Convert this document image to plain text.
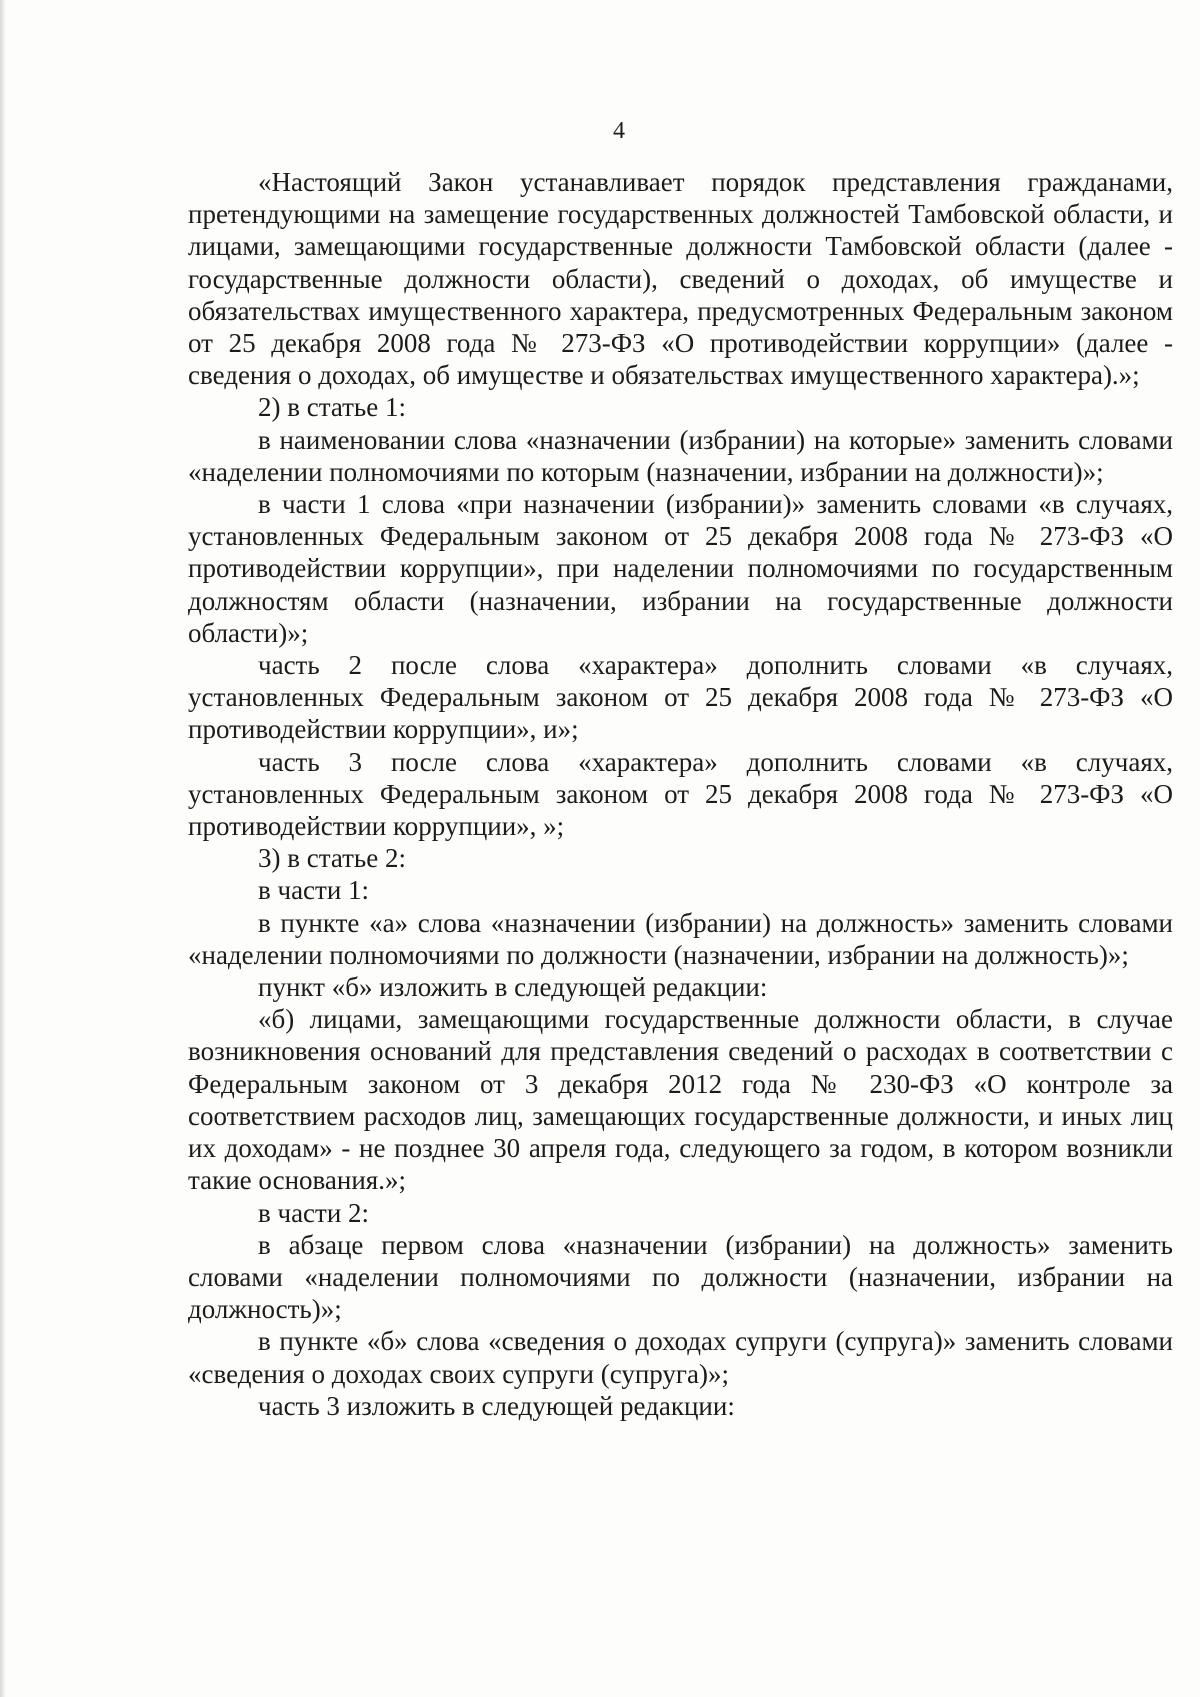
4

«Настоящий Закон устанавливает порядок представления гражданами, претендующими на замещение государственных должностей Тамбовской области, и лицами, замещающими государственные должности Тамбовской области (далее - государственные должности области), сведений о доходах, об имуществе и обязательствах имущественного характера, предусмотренных Федеральным законом от 25 декабря 2008 года № 273-ФЗ «О противодействии коррупции» (далее - сведения о доходах, об имуществе и обязательствах имущественного характера).»;

2) в статье 1:

в наименовании слова «назначении (избрании) на которые» заменить словами «наделении полномочиями по которым (назначении, избрании на должности)»;

в части 1 слова «при назначении (избрании)» заменить словами «в случаях, установленных Федеральным законом от 25 декабря 2008 года № 273-ФЗ «О противодействии коррупции», при наделении полномочиями по государственным должностям области (назначении, избрании на государственные должности области)»;

часть 2 после слова «характера» дополнить словами «в случаях, установленных Федеральным законом от 25 декабря 2008 года № 273-ФЗ «О противодействии коррупции», и»;

часть 3 после слова «характера» дополнить словами «в случаях, установленных Федеральным законом от 25 декабря 2008 года № 273-ФЗ «О противодействии коррупции», »;

3) в статье 2:

в части 1:

в пункте «а» слова «назначении (избрании) на должность» заменить словами «наделении полномочиями по должности (назначении, избрании на должность)»;

пункт «б» изложить в следующей редакции:

«б) лицами, замещающими государственные должности области, в случае возникновения оснований для представления сведений о расходах в соответствии с Федеральным законом от 3 декабря 2012 года № 230-ФЗ «О контроле за соответствием расходов лиц, замещающих государственные должности, и иных лиц их доходам» - не позднее 30 апреля года, следующего за годом, в котором возникли такие основания.»;

в части 2:

в абзаце первом слова «назначении (избрании) на должность» заменить словами «наделении полномочиями по должности (назначении, избрании на должность)»;

в пункте «б» слова «сведения о доходах супруги (супруга)» заменить словами «сведения о доходах своих супруги (супруга)»;

часть 3 изложить в следующей редакции:
